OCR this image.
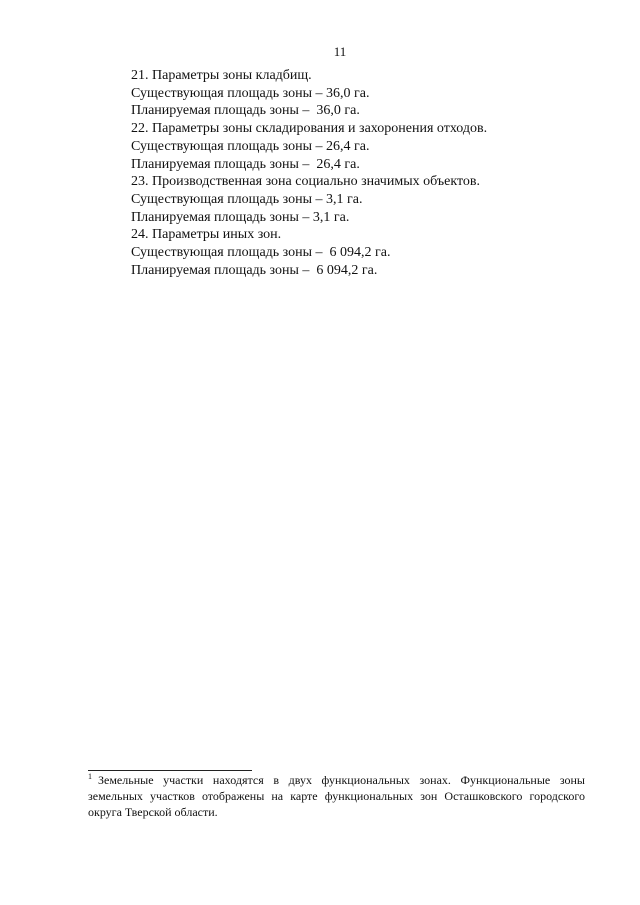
11
21. Параметры зоны кладбищ.
Существующая площадь зоны – 36,0 га.
Планируемая площадь зоны –  36,0 га.
22. Параметры зоны складирования и захоронения отходов.
Существующая площадь зоны – 26,4 га.
Планируемая площадь зоны –  26,4 га.
23. Производственная зона социально значимых объектов.
Существующая площадь зоны – 3,1 га.
Планируемая площадь зоны – 3,1 га.
24. Параметры иных зон.
Существующая площадь зоны –  6 094,2 га.
Планируемая площадь зоны –  6 094,2 га.
$^1$ Земельные участки находятся в двух функциональных зонах. Функциональные зоны земельных участков отображены на карте функциональных зон Осташковского городского округа Тверской области.
